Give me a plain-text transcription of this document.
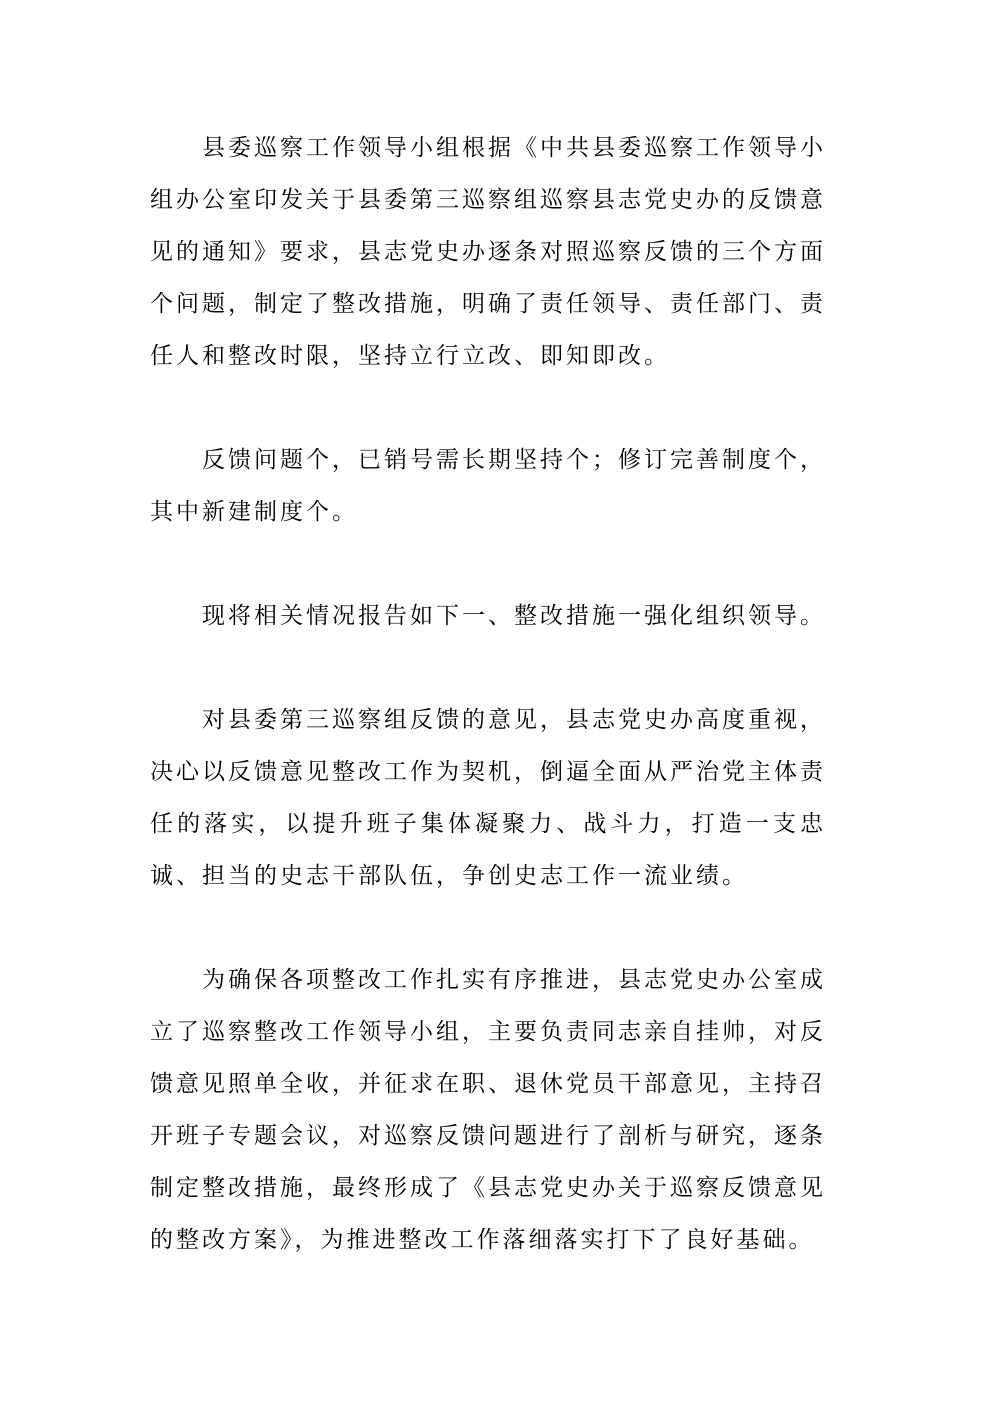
县委巡察工作领导小组根据《中共县委巡察工作领导小组办公室印发关于县委第三巡察组巡察县志党史办的反馈意见的通知》要求，县志党史办逐条对照巡察反馈的三个方面个问题，制定了整改措施，明确了责任领导、责任部门、责任人和整改时限，坚持立行立改、即知即改。

反馈问题个，已销号需长期坚持个；修订完善制度个，其中新建制度个。

现将相关情况报告如下一、整改措施一强化组织领导。

对县委第三巡察组反馈的意见，县志党史办高度重视，决心以反馈意见整改工作为契机，倒逼全面从严治党主体责任的落实，以提升班子集体凝聚力、战斗力，打造一支忠诚、担当的史志干部队伍，争创史志工作一流业绩。

为确保各项整改工作扎实有序推进，县志党史办公室成立了巡察整改工作领导小组，主要负责同志亲自挂帅，对反馈意见照单全收，并征求在职、退休党员干部意见，主持召开班子专题会议，对巡察反馈问题进行了剖析与研究，逐条制定整改措施，最终形成了《县志党史办关于巡察反馈意见的整改方案》，为推进整改工作落细落实打下了良好基础。
